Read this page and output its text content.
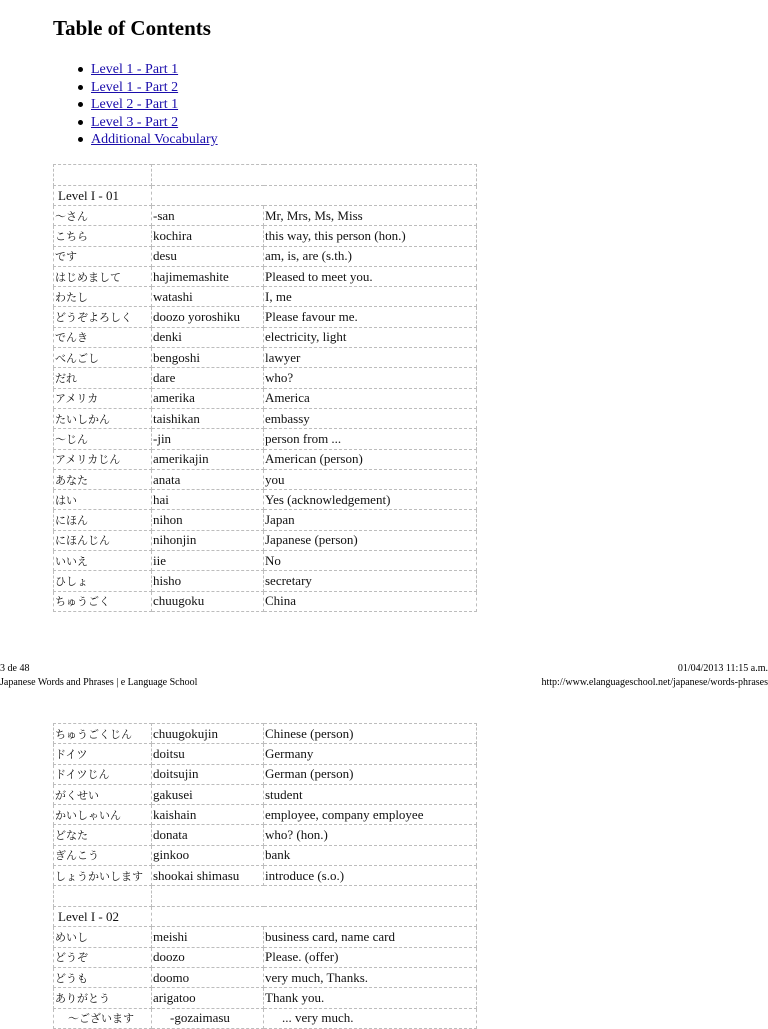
Table of Contents
Level 1 - Part 1
Level 1 - Part 2
Level 2 - Part 1
Level 3 - Part 2
Additional Vocabulary

Level I - 01		
～さん	-san	Mr, Mrs, Ms, Miss
こちら	kochira	this way, this person (hon.)
です	desu	am, is, are (s.th.)
はじめまして	hajimemashite	Pleased to meet you.
わたし	watashi	I, me
どうぞよろしく	doozo yoroshiku	Please favour me.
でんき	denki	electricity, light
べんごし	bengoshi	lawyer
だれ	dare	who?
アメリカ	amerika	America
たいしかん	taishikan	embassy
～じん	-jin	person from ...
アメリカじん	amerikajin	American (person)
あなた	anata	you
はい	hai	Yes (acknowledgement)
にほん	nihon	Japan
にほんじん	nihonjin	Japanese (person)
いいえ	iie	No
ひしょ	hisho	secretary
ちゅうごく	chuugoku	China
3 de 48	01/04/2013 11:15 a.m.
Japanese Words and Phrases | e Language School	http://www.elanguageschool.net/japanese/words-phrases
ちゅうごくじん	chuugokujin	Chinese (person)
ドイツ	doitsu	Germany
ドイツじん	doitsujin	German (person)
がくせい	gakusei	student
かいしゃいん	kaishain	employee, company employee
どなた	donata	who? (hon.)
ぎんこう	ginkoo	bank
しょうかいします	shookai shimasu	introduce (s.o.)

Level I - 02		
めいし	meishi	business card, name card
どうぞ	doozo	Please. (offer)
どうも	doomo	very much, Thanks.
ありがとう	arigatoo	Thank you.
～ございます	-gozaimasu	... very much.
